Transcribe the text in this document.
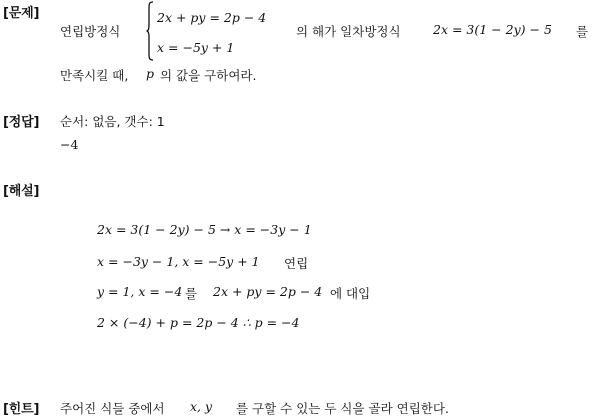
[문제]
연립방정식
2x + py = 2p − 4
x = −5y + 1
의 해가 일차방정식	2x = 3(1 − 2y) − 5 를
만족시킬 때, p 의 값을 구하여라.
[정답] 순서: 없음, 갯수: 1
−4
[해설]
2x = 3(1 − 2y) − 5 → x = −3y − 1
x = −3y − 1, x = −5y + 1 연립
y = 1, x = −4 를 2x + py = 2p − 4 에 대입
2 × (−4) + p = 2p − 4 ∴ p = −4
[힌트] 주어진 식들 중에서 x, y 를 구할 수 있는 두 식을 골라 연립한다.
